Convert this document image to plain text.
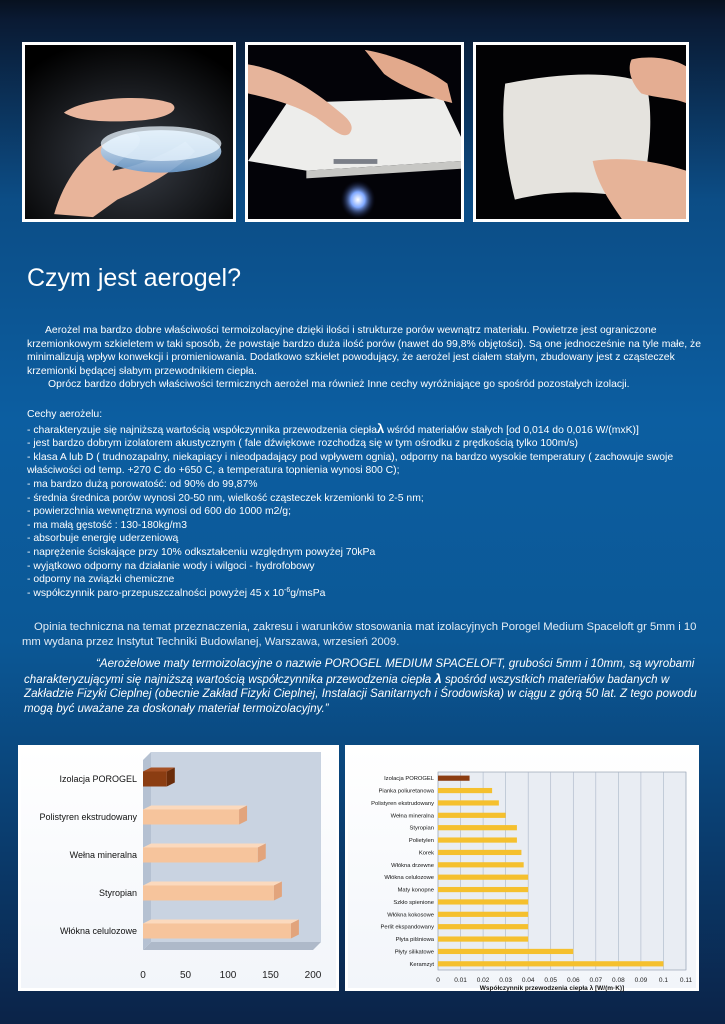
Czym jest aerogel?

Aerożel ma bardzo dobre właściwości termoizolacyjne dzięki ilości i strukturze porów wewnątrz materiału. Powietrze jest ograniczone krzemionkowym szkieletem w taki sposób, że powstaje bardzo duża ilość porów (nawet do 99,8% objętości). Są one jednocześnie na tyle małe, że minimalizują wpływ konwekcji i promieniowania. Dodatkowo szkielet powodujący, że aerożel jest ciałem stałym, zbudowany jest z cząsteczek krzemionki będącej słabym przewodnikiem ciepła.

Oprócz bardzo dobrych właściwości termicznych aerożel ma również Inne cechy wyróżniające go spośród pozostałych izolacji.

Cechy aerożelu:

- charakteryzuje się najniższą wartością współczynnika przewodzenia ciepłaλ wśród materiałów stałych [od 0,014 do 0,016 W/(mxK)]
- jest bardzo dobrym izolatorem akustycznym ( fale dźwiękowe rozchodzą się w tym ośrodku z prędkością tylko 100m/s)
- klasa A lub D ( trudnozapalny, niekapiący i nieodpadający pod wpływem ognia), odporny na bardzo wysokie temperatury ( zachowuje swoje właściwości od temp. +270 C do +650 C, a temperatura topnienia wynosi 800 C);
- ma bardzo dużą porowatość: od 90% do 99,87%
- średnia średnica porów wynosi 20-50 nm, wielkość cząsteczek krzemionki to 2-5 nm;
- powierzchnia wewnętrzna wynosi od 600 do 1000 m2/g;
- ma małą gęstość : 130-180kg/m3
- absorbuje energię uderzeniową
- naprężenie ściskające przy 10% odkształceniu względnym powyżej 70kPa
- wyjątkowo odporny na działanie wody i wilgoci - hydrofobowy
- odporny na związki chemiczne
- współczynnik paro-przepuszczalności powyżej 45 x $10^{-6}g$/msPa

Opinia techniczna na temat przeznaczenia, zakresu i warunków stosowania mat izolacyjnych Porogel Medium Spaceloft gr 5mm i 10 mm wydana przez Instytut Techniki Budowlanej, Warszawa, wrzesień 2009.

“Aerożelowe maty termoizolacyjne o nazwie POROGEL MEDIUM SPACELOFT, grubości 5mm i 10mm, są wyrobami charakteryzującymi się najniższą wartością współczynnika przewodzenia ciepła λ spośród wszystkich materiałów badanych w Zakładzie Fizyki Cieplnej (obecnie Zakład Fizyki Cieplnej, Instalacji Sanitarnych i Środowiska) w ciągu z górą 50 lat. Z tego powodu mogą być uważane za doskonały materiał termoizolacyjny.”

Izolacja POROGEL
Polistyren ekstrudowany
Wełna mineralna
Styropian
Włókna celulozowe
0	50	100	150	200	0 0.01 0.02 0.03 0.04 0.05 0.06 0.07 0.08 0.09 0.1 0.11
Izolacja POROGEL
Pianka poliuretanowa
Polistyren ekstrudowany
Wełna mineralna
Styropian
Polietylen
Korek
Włókna drzewne
Włókna celulozowe
Maty konopne
Szkło spienione
Włókna kokosowe
Perlit ekspandowany
Płyta pilśniowa
Płyty silikatowe
Keramzyt
Współczynnik przewodzenia ciepła λ [W/(m·K)]
